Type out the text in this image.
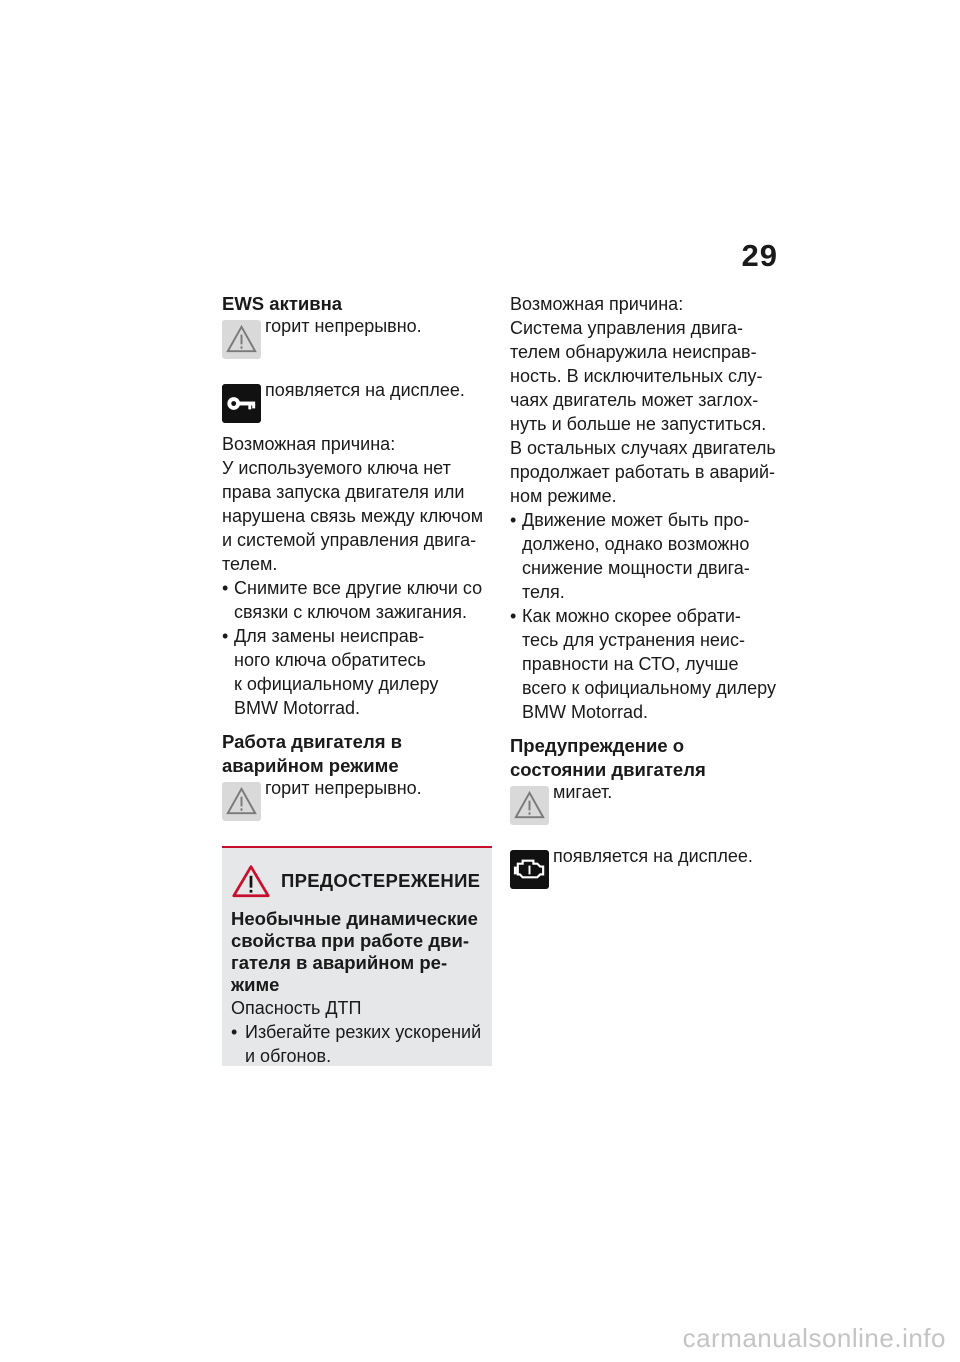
29

EWS активна

горит непрерывно.

появляется на дисплее.

Возможная причина:

У используемого ключа нет

права запуска двигателя или

нарушена связь между ключом

и системой управления двига-

телем.

• Снимите все другие ключи со
связки с ключом зажигания.
• Для замены неисправ-
ного ключа обратитесь
к официальному дилеру
BMW Motorrad.

Работа двигателя в

аварийном режиме

горит непрерывно.

ПРЕДОСТЕРЕЖЕНИЕ

Необычные динамические

свойства при работе дви-

гателя в аварийном ре-

жиме

Опасность ДТП

• Избегайте резких ускорений
и обгонов.

Возможная причина:

Система управления двига-

телем обнаружила неисправ-

ность. В исключительных слу-

чаях двигатель может заглох-

нуть и больше не запуститься.

В остальных случаях двигатель

продолжает работать в аварий-

ном режиме.

• Движение может быть про-
должено, однако возможно
снижение мощности двига-
теля.
• Как можно скорее обрати-
тесь для устранения неис-
правности на СТО, лучше
всего к официальному дилеру
BMW Motorrad.

Предупреждение о

состоянии двигателя

мигает.

появляется на дисплее.

carmanualsonline.info
